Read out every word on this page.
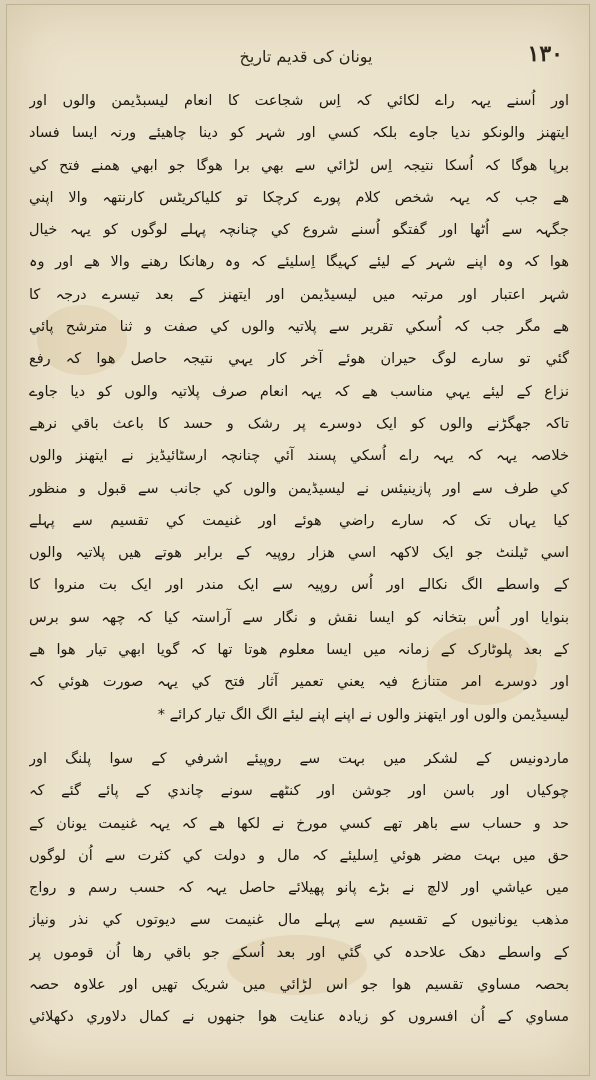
۱۳۰
یونان کی قدیم تاریخ
اور اُسنے یہہ راے لکائي کہ اِس شجاعت کا انعام لیسبڈیمن والوں اور
ایتھنز والونکو ندیا جاوے بلکہ کسي اور شہر کو دینا چاهیئے ورنہ ایسا فساد
برپا هوگا کہ اُسکا نتیجہ اِس لڑائي سے بھي برا هوگا جو ابھي همنے فتح کي
هے جب کہ یہہ شخص کلام پورے کرچکا تو کلیاکریٹس کارنتھہ والا اپني
جگہہ سے اُٹھا اور گفتگو اُسنے شروع کي چنانچہ پہلے لوگوں کو یہہ خیال
هوا کہ وہ اپنے شہر کے لیئے کہیگا اِسلیئے کہ وہ رهانکا رهنے والا هے اور وہ
شہر اعتبار اور مرتبہ میں لیسیڈیمن اور ایتھنز کے بعد تیسرے درجہ کا
هے مگر جب کہ اُسکي تقریر سے پلاتیہ والوں کي صفت و ثنا مترشح پائي
گئي تو سارے لوگ حیران هوئے آخر کار یہي نتیجہ حاصل هوا کہ رفع
نزاع کے لیئے یہي مناسب هے کہ یہہ انعام صرف پلاتیہ والوں کو دیا جاوے
تاکہ جھگڑنے والوں کو ایک دوسرے پر رشک و حسد کا باعث باقي نرهے
خلاصہ یہہ کہ یہہ راے اُسکي پسند آئي چنانچہ ارسٹائیڈیز نے ایتھنز والوں
کي طرف سے اور پازینیئس نے لیسیڈیمن والوں کي جانب سے قبول و منظور
کیا یہاں تک کہ سارے راضي هوئے اور غنیمت کي تقسیم سے پہلے
اسي ٹیلنٹ جو ایک لاکھہ اسي هزار روپیہ کے برابر هوتے هیں پلاتیہ والوں
کے واسطے الگ نکالے اور اُس روپیہ سے ایک مندر اور ایک بت منروا کا
بنوایا اور اُس بتخانہ کو ایسا نقش و نگار سے آراستہ کیا کہ چھہ سو برس
کے بعد پلوٹارک کے زمانہ میں ایسا معلوم هوتا تھا کہ گویا ابھي تیار هوا هے
اور دوسرے امر متنازع فیہ یعني تعمیر آثار فتح کي یہہ صورت هوئي کہ
لیسیڈیمن والوں اور ایتھنز والوں نے اپنے اپنے لیئے الگ الگ تیار کرائے *
ماردونیس کے لشکر میں بہت سے روپیئے اشرفي کے سوا پلنگ اور
چوکیاں اور باسن اور جوشن اور کنٹھے سونے چاندي کے پائے گئے کہ
حد و حساب سے باهر تھے کسي مورخ نے لکھا هے کہ یہہ غنیمت یونان کے
حق میں بہت مضر هوئي اِسلیئے کہ مال و دولت کي کثرت سے اُن لوگوں
میں عیاشي اور لالچ نے بڑے پانو پھیلائے حاصل یہہ کہ حسب رسم و رواج
مذهب یونانیوں کے تقسیم سے پہلے مال غنیمت سے دیوتوں کي نذر ونیاز
کے واسطے دهک علاحدہ کي گئي اور بعد اُسکے جو باقي رها اُن قوموں پر
بحصہ مساوي تقسیم هوا جو اس لڑائي میں شریک تھیں اور علاوہ حصہ
مساوي کے اُن افسروں کو زیادہ عنایت هوا جنھوں نے کمال دلاوري دکھلائي
